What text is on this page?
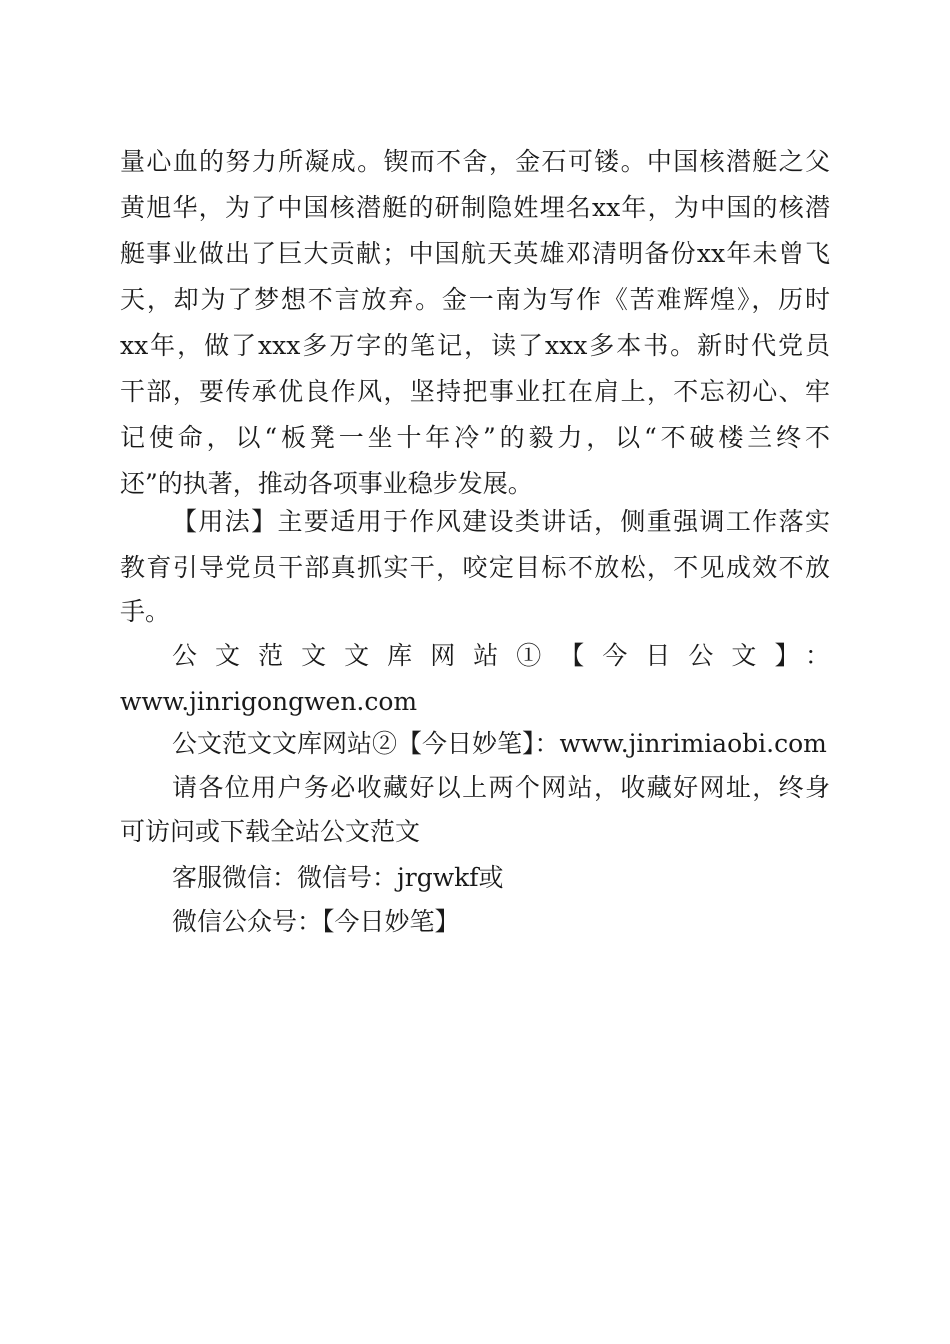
量心血的努力所凝成。锲而不舍，金石可镂。中国核潜艇之父
黄旭华，为了中国核潜艇的研制隐姓埋名xx年，为中国的核潜
艇事业做出了巨大贡献；中国航天英雄邓清明备份xx年未曾飞
天，却为了梦想不言放弃。金一南为写作《苦难辉煌》，历时
xx年，做了xxx多万字的笔记，读了xxx多本书。新时代党员
干部，要传承优良作风，坚持把事业扛在肩上，不忘初心、牢
记使命，以“板凳一坐十年冷”的毅力，以“不破楼兰终不
还”的执著，推动各项事业稳步发展。
【用法】主要适用于作风建设类讲话，侧重强调工作落实
教育引导党员干部真抓实干，咬定目标不放松，不见成效不放
手。
公文范文文库网站①【今日公文】：
www.jinrigongwen.com
公文范文文库网站②【今日妙笔】：www.jinrimiaobi.com
请各位用户务必收藏好以上两个网站，收藏好网址，终身
可访问或下载全站公文范文
客服微信：微信号：jrgwkf或
微信公众号：【今日妙笔】
